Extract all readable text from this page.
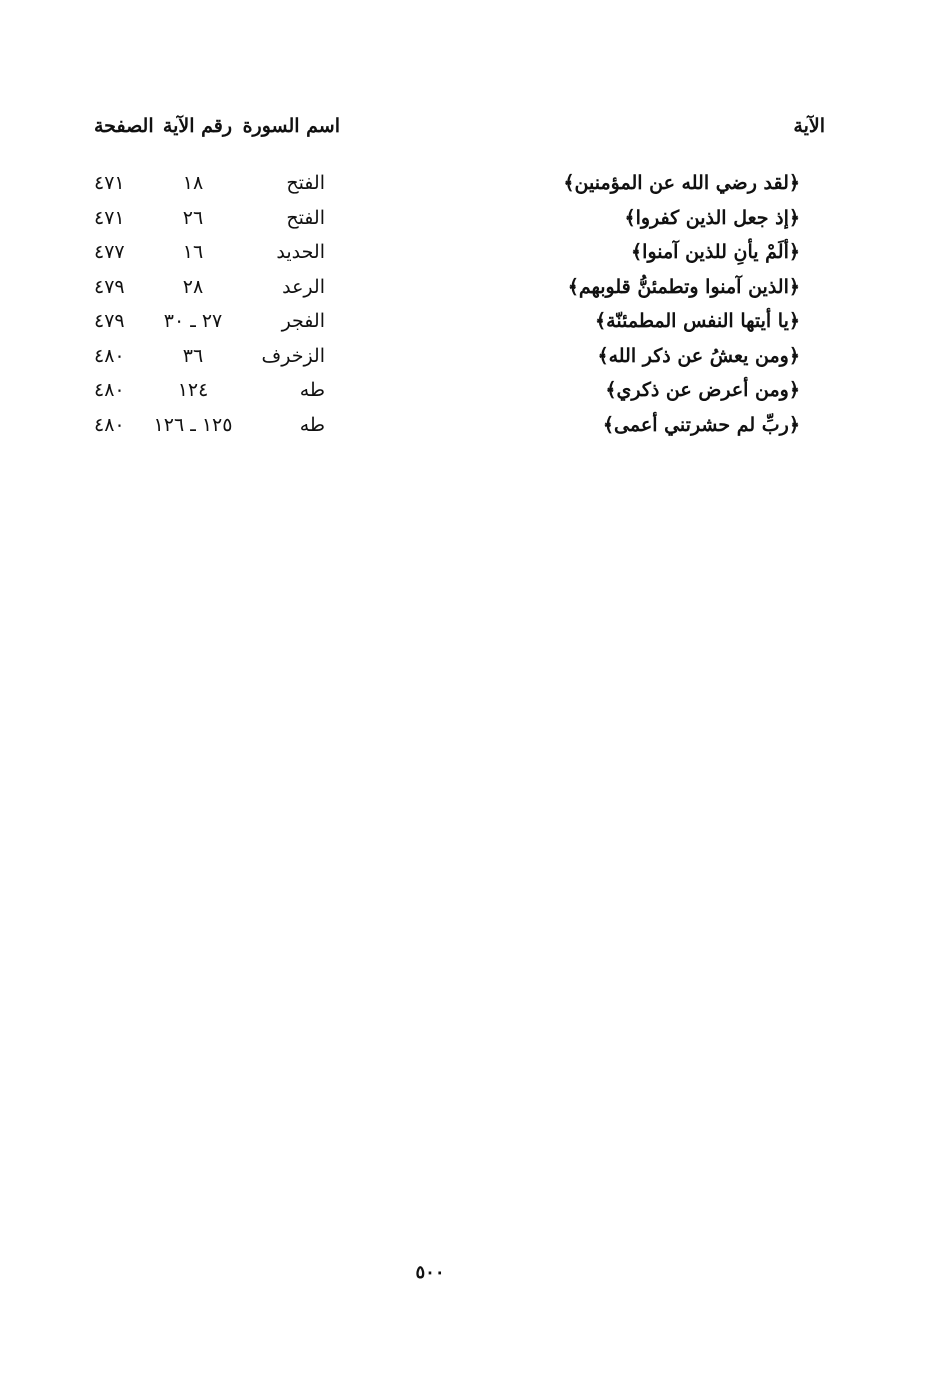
الآية
اسم السورة
رقم الآية
الصفحة
﴿لقد رضي الله عن المؤمنين﴾
الفتح
١٨
٤٧١
﴿إذ جعل الذين كفروا﴾
الفتح
٢٦
٤٧١
﴿ألَمْ يأنِ للذين آمنوا﴾
الحديد
١٦
٤٧٧
﴿الذين آمنوا وتطمئنُّ قلوبهم﴾
الرعد
٢٨
٤٧٩
﴿يا أيتها النفس المطمئنّة﴾
الفجر
٢٧ ـ ٣٠
٤٧٩
﴿ومن يعشُ عن ذكر الله﴾
الزخرف
٣٦
٤٨٠
﴿ومن أعرض عن ذكري﴾
طه
١٢٤
٤٨٠
﴿ربِّ لم حشرتني أعمى﴾
طه
١٢٥ ـ ١٢٦
٤٨٠
٥٠٠
